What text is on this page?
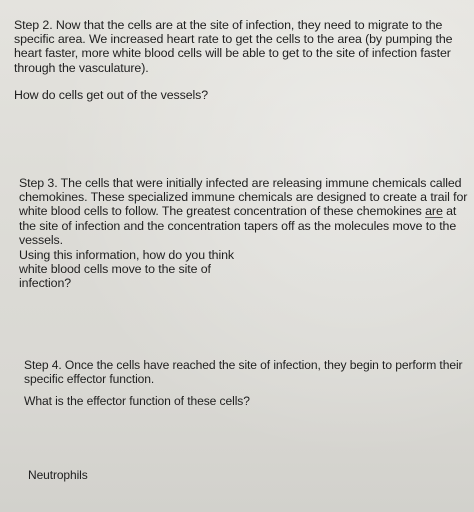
Step 2. Now that the cells are at the site of infection, they need to migrate to the
specific area. We increased heart rate to get the cells to the area (by pumping the
heart faster, more white blood cells will be able to get to the site of infection faster
through the vasculature).

How do cells get out of the vessels?

Step 3. The cells that were initially infected are releasing immune chemicals called
chemokines. These specialized immune chemicals are designed to create a trail for
white blood cells to follow. The greatest concentration of these chemokines are at
the site of infection and the concentration tapers off as the molecules move to the
vessels.

Using this information, how do you think
white blood cells move to the site of
infection?

Step 4. Once the cells have reached the site of infection, they begin to perform their
specific effector function.

What is the effector function of these cells?

Neutrophils
